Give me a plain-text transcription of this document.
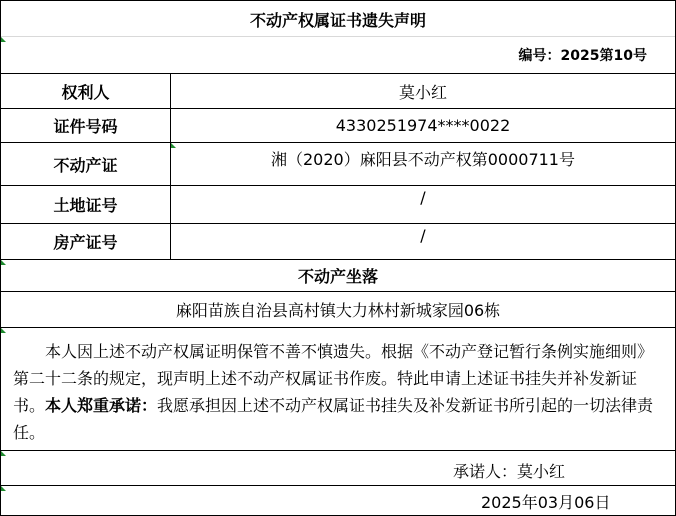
不动产权属证书遗失声明
编号：2025第10号
权利人	莫小红
证件号码	4330251974****0022
不动产证	湘（2020）麻阳县不动产权第0000711号
土地证号	/
房产证号	/
不动产坐落
麻阳苗族自治县高村镇大力林村新城家园06栋
本人因上述不动产权属证明保管不善不慎遗失。根据《不动产登记暂行条例实施细则》第二十二条的规定，现声明上述不动产权属证书作废。特此申请上述证书挂失并补发新证书。本人郑重承诺：我愿承担因上述不动产权属证书挂失及补发新证书所引起的一切法律责任。
承诺人：莫小红
2025年03月06日
